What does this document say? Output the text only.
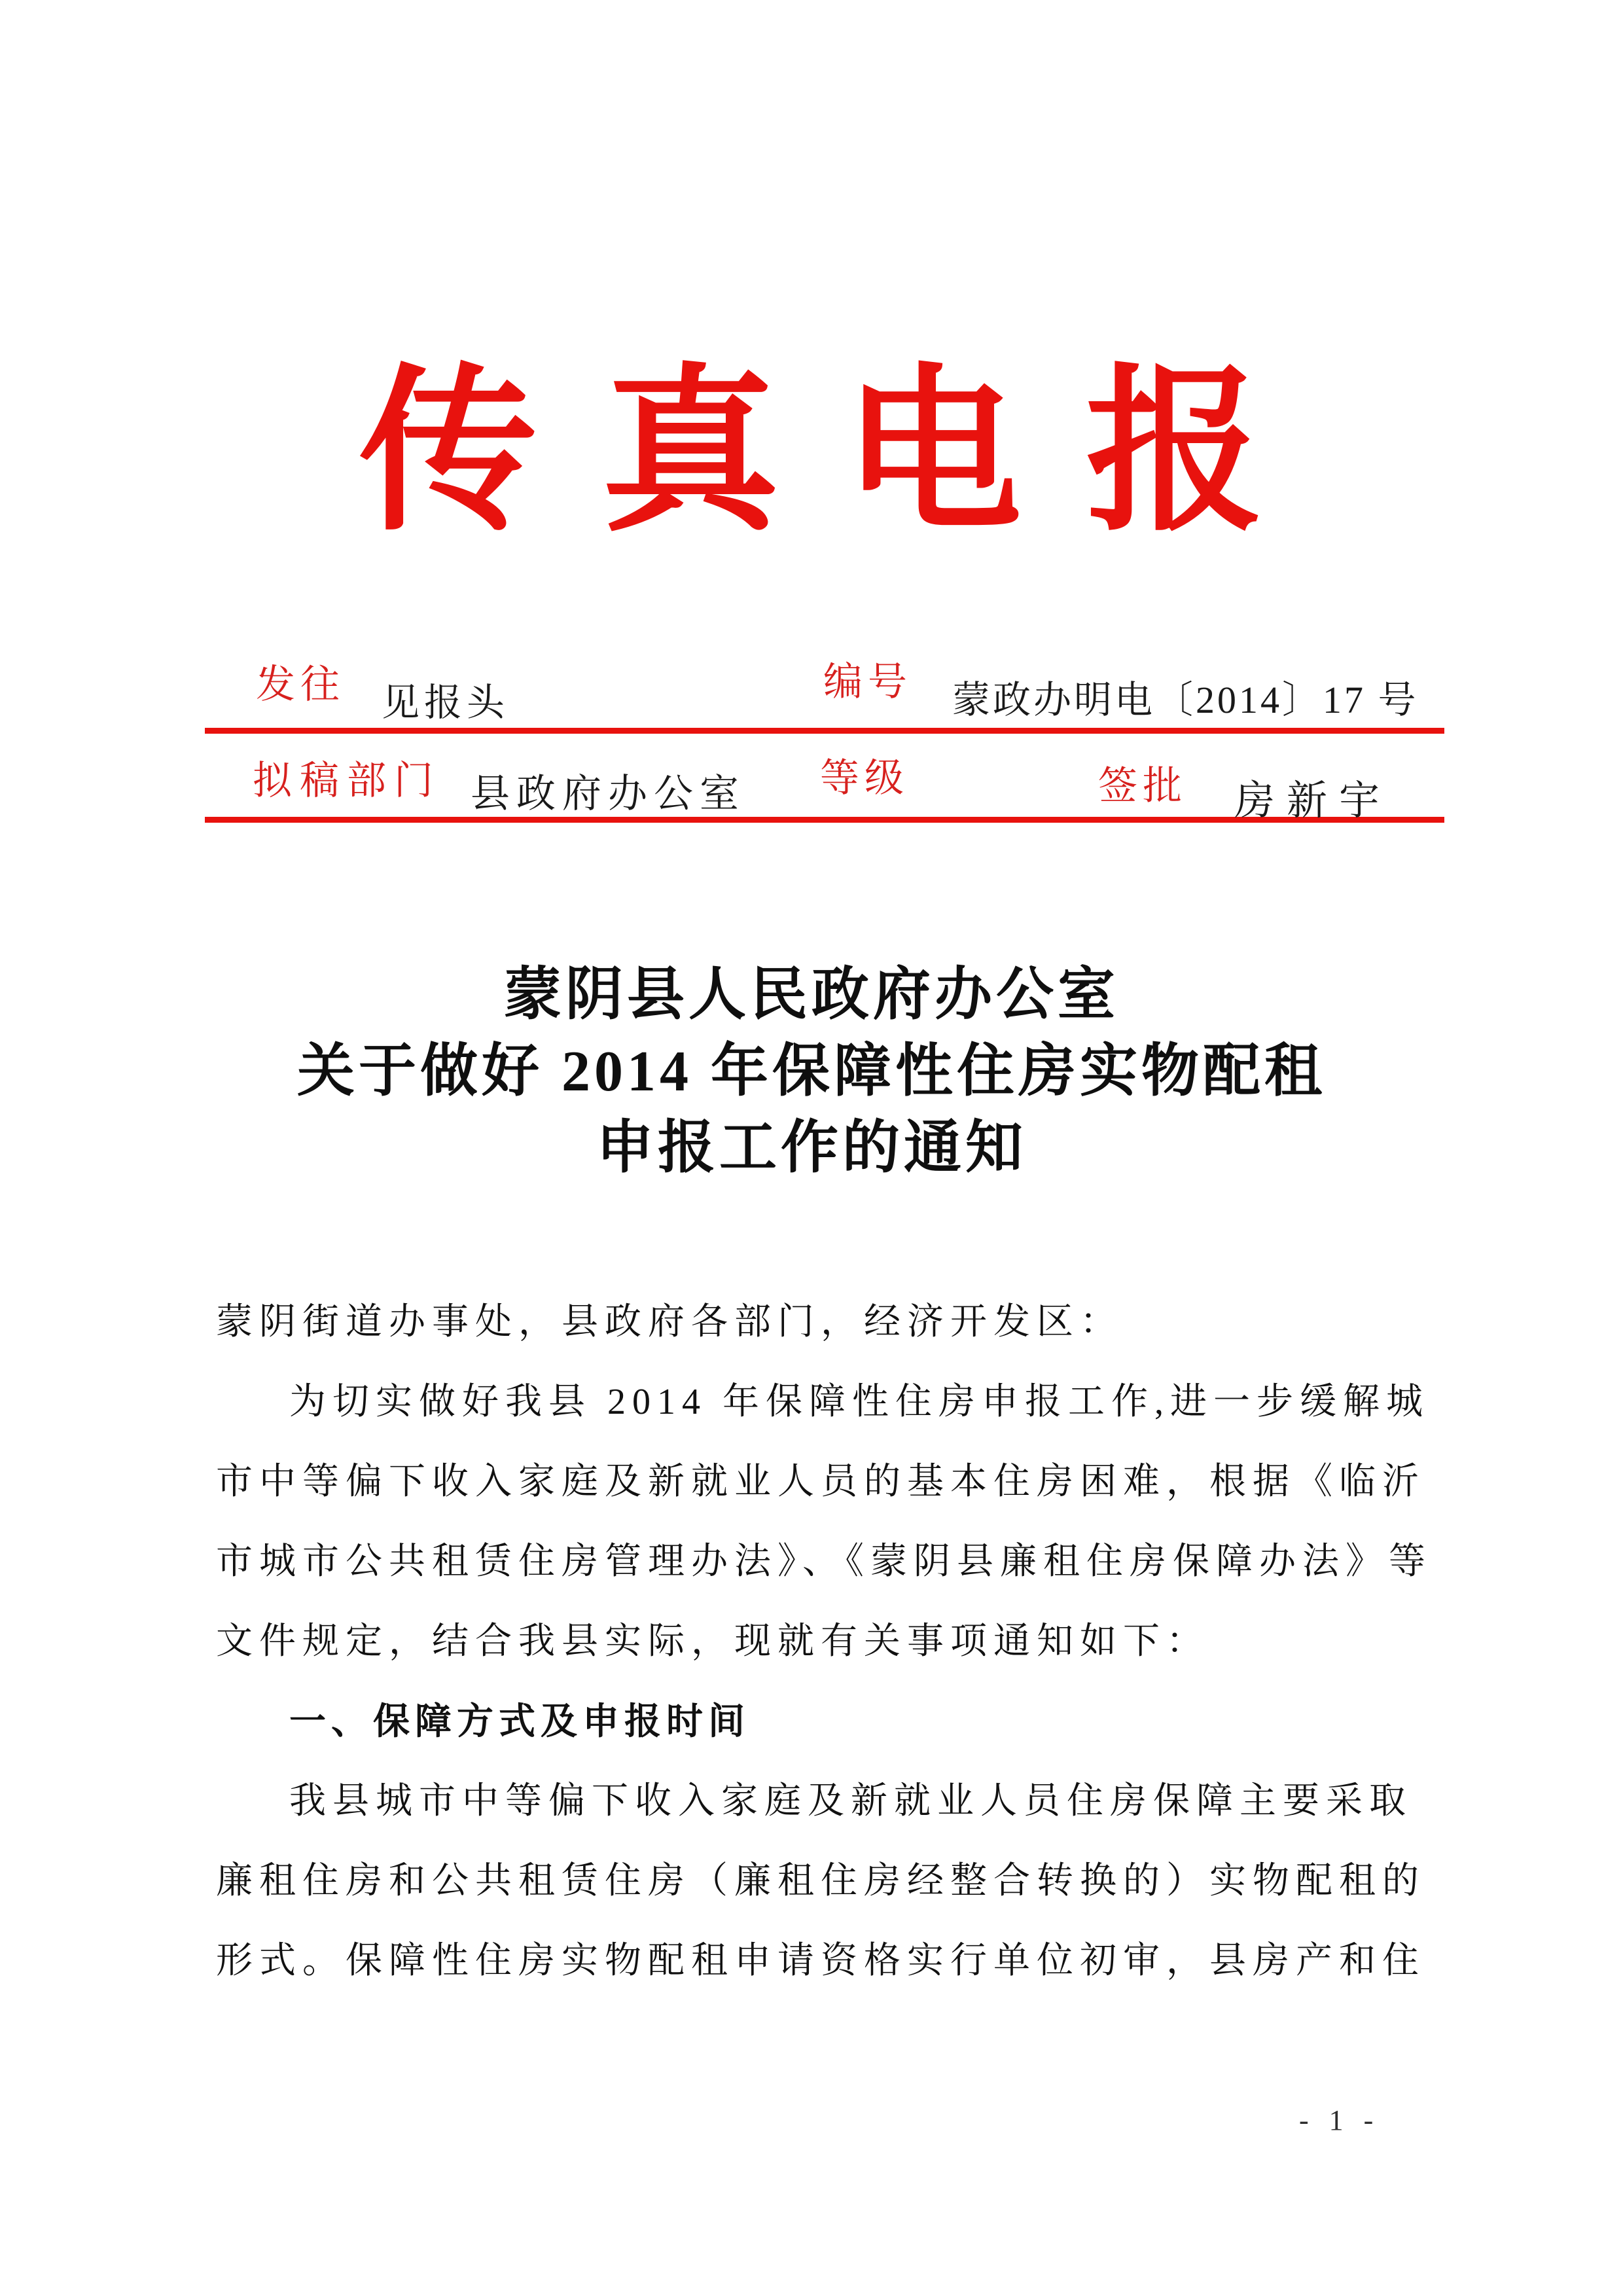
传真电报
发往 见报头	编号 蒙政办明电〔2014〕17 号
拟稿部门 县政府办公室 等级	签批 房新宇
蒙阴县人民政府办公室
关于做好 2014 年保障性住房实物配租
申报工作的通知
蒙阴街道办事处，县政府各部门，经济开发区：
为切实做好我县 2014 年保障性住房申报工作,进一步缓解城
市中等偏下收入家庭及新就业人员的基本住房困难，根据《临沂
市城市公共租赁住房管理办法》、《蒙阴县廉租住房保障办法》等
文件规定，结合我县实际，现就有关事项通知如下：
一、保障方式及申报时间
我县城市中等偏下收入家庭及新就业人员住房保障主要采取
廉租住房和公共租赁住房（廉租住房经整合转换的）实物配租的
形式。保障性住房实物配租申请资格实行单位初审，县房产和住
- 1 -
